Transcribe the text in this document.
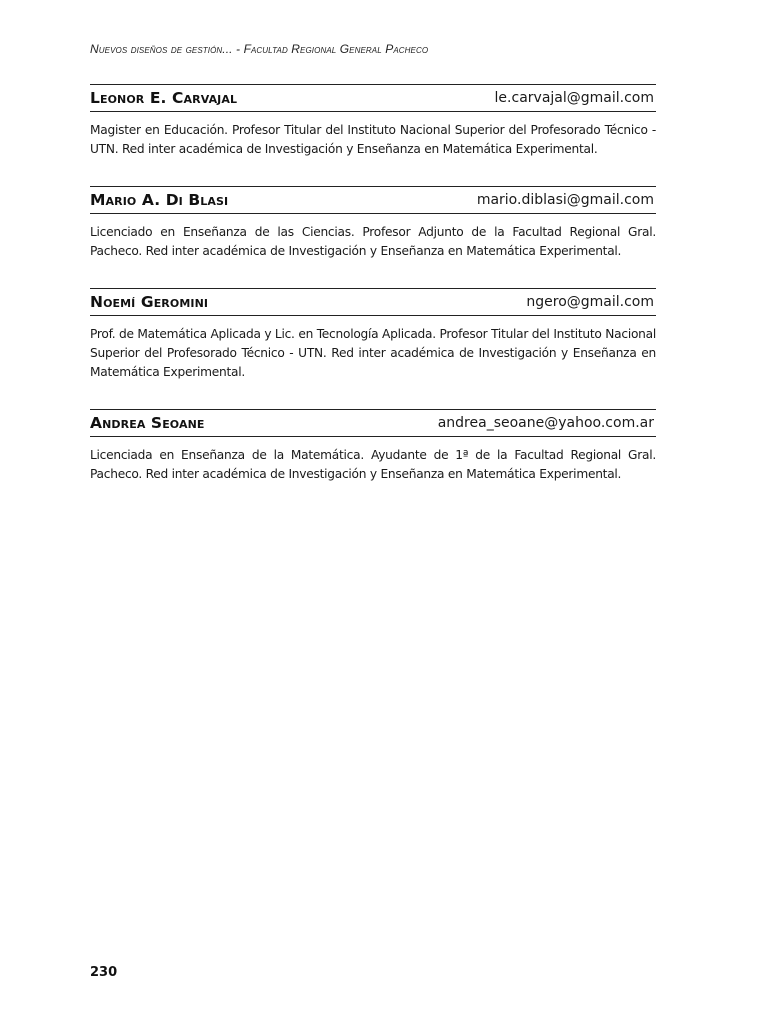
Nuevos diseños de gestión... - Facultad Regional General Pacheco
Leonor E. Carvajal	le.carvajal@gmail.com

Magister en Educación. Profesor Titular del Instituto Nacional Superior del Profesorado Técnico - UTN. Red inter académica de Investigación y Enseñanza en Matemática Experimental.

Mario A. Di Blasi	mario.diblasi@gmail.com

Licenciado en Enseñanza de las Ciencias. Profesor Adjunto de la Facultad Regional Gral. Pacheco. Red inter académica de Investigación y Enseñanza en Matemática Experimental.

Noemí Geromini	ngero@gmail.com

Prof. de Matemática Aplicada y Lic. en Tecnología Aplicada. Profesor Titular del Instituto Nacional Superior del Profesorado Técnico - UTN. Red inter académica de Investigación y Enseñanza en Matemática Experimental.

Andrea Seoane	andrea_seoane@yahoo.com.ar

Licenciada en Enseñanza de la Matemática. Ayudante de 1ª de la Facultad Regional Gral. Pacheco. Red inter académica de Investigación y Enseñanza en Matemática Experimental.

230
